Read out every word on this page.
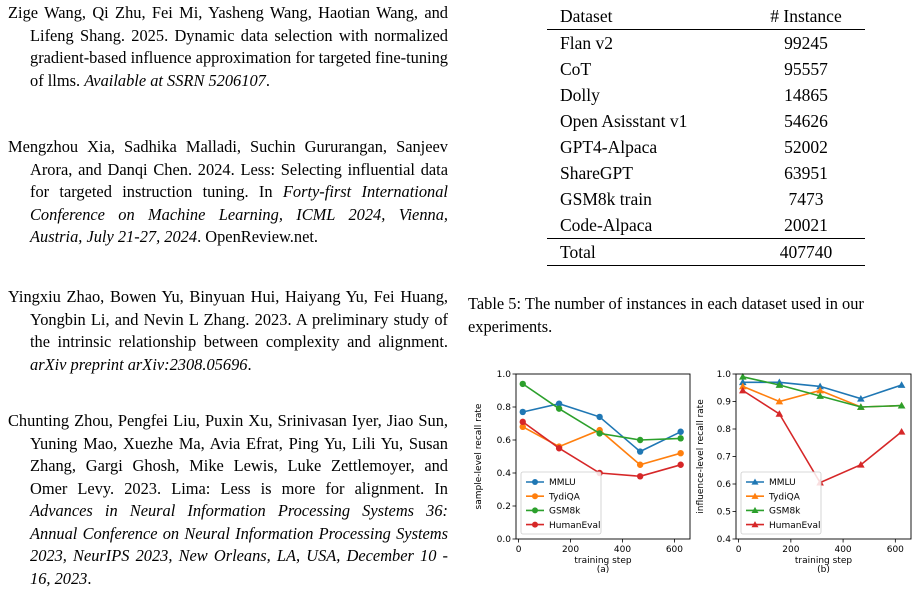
Zige Wang, Qi Zhu, Fei Mi, Yasheng Wang, Haotian Wang, and Lifeng Shang. 2025. Dynamic data selection with normalized gradient-based influence approximation for targeted fine-tuning of llms. Available at SSRN 5206107.

Mengzhou Xia, Sadhika Malladi, Suchin Gururangan, Sanjeev Arora, and Danqi Chen. 2024. Less: Selecting influential data for targeted instruction tuning. In Forty-first International Conference on Machine Learning, ICML 2024, Vienna, Austria, July 21-27, 2024. OpenReview.net.

Yingxiu Zhao, Bowen Yu, Binyuan Hui, Haiyang Yu, Fei Huang, Yongbin Li, and Nevin L Zhang. 2023. A preliminary study of the intrinsic relationship between complexity and alignment. arXiv preprint arXiv:2308.05696.

Chunting Zhou, Pengfei Liu, Puxin Xu, Srinivasan Iyer, Jiao Sun, Yuning Mao, Xuezhe Ma, Avia Efrat, Ping Yu, Lili Yu, Susan Zhang, Gargi Ghosh, Mike Lewis, Luke Zettlemoyer, and Omer Levy. 2023. Lima: Less is more for alignment. In Advances in Neural Information Processing Systems 36: Annual Conference on Neural Information Processing Systems 2023, NeurIPS 2023, New Orleans, LA, USA, December 10 - 16, 2023.

Dataset	# Instance
Flan v2	99245
CoT	95557
Dolly	14865
Open Asisstant v1	54626
GPT4-Alpaca	52002
ShareGPT	63951
GSM8k train	7473
Code-Alpaca	20021
Total	407740

Table 5: The number of instances in each dataset used in our experiments.

0	200	400	600
0.0
0.2
0.4
0.6
0.8
1.0
training step
(a)
sample-level recall rate	MMLU
TydiQA
GSM8k
HumanEval
0	200	400	600
0.4
0.5
0.6
0.7
0.8
0.9
1.0
training step
(b)
influence-level recall rate	MMLU
TydiQA
GSM8k
HumanEval
